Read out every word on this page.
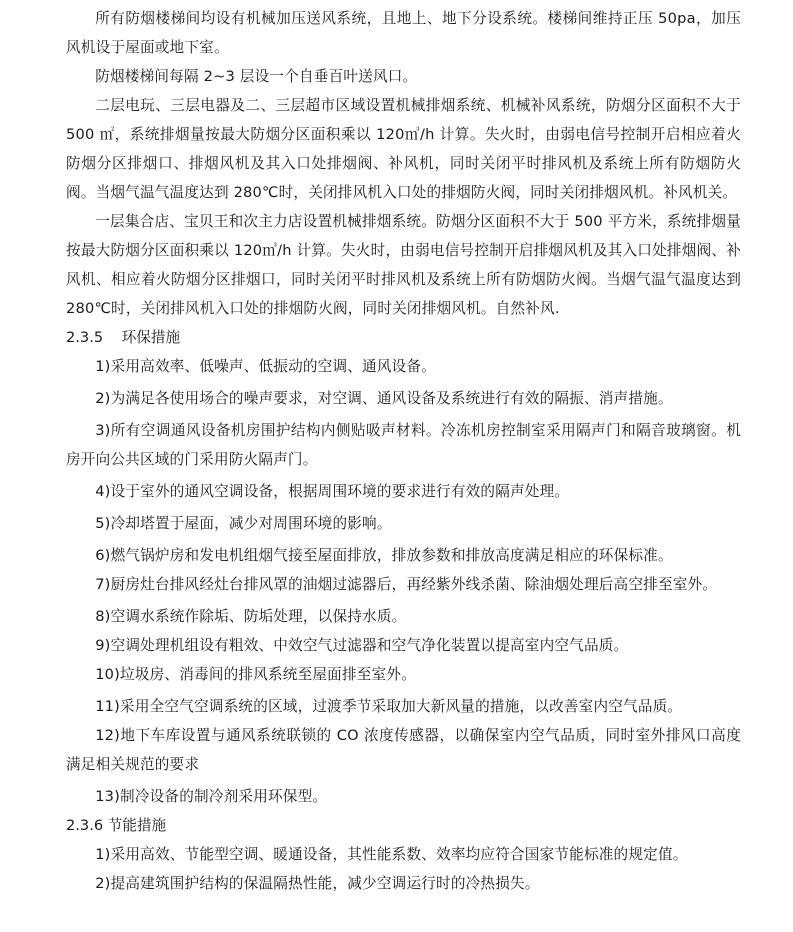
所有防烟楼梯间均设有机械加压送风系统，且地上、地下分设系统。楼梯间维持正压 50pa，加压风机设于屋面或地下室。

防烟楼梯间每隔 2~3 层设一个自垂百叶送风口。

二层电玩、三层电器及二、三层超市区域设置机械排烟系统、机械补风系统，防烟分区面积不大于 500 ㎡，系统排烟量按最大防烟分区面积乘以 120㎥/h 计算。失火时，由弱电信号控制开启相应着火防烟分区排烟口、排烟风机及其入口处排烟阀、补风机，同时关闭平时排风机及系统上所有防烟防火阀。当烟气温气温度达到 280℃时，关闭排风机入口处的排烟防火阀，同时关闭排烟风机。补风机关。

一层集合店、宝贝王和次主力店设置机械排烟系统。防烟分区面积不大于 500 平方米，系统排烟量按最大防烟分区面积乘以 120㎥/h 计算。失火时，由弱电信号控制开启排烟风机及其入口处排烟阀、补风机、相应着火防烟分区排烟口，同时关闭平时排风机及系统上所有防烟防火阀。当烟气温气温度达到 280℃时，关闭排风机入口处的排烟防火阀，同时关闭排烟风机。自然补风.

2.3.5    环保措施

1)采用高效率、低噪声、低振动的空调、通风设备。

2)为满足各使用场合的噪声要求，对空调、通风设备及系统进行有效的隔振、消声措施。

3)所有空调通风设备机房围护结构内侧贴吸声材料。冷冻机房控制室采用隔声门和隔音玻璃窗。机房开向公共区域的门采用防火隔声门。

4)设于室外的通风空调设备，根据周围环境的要求进行有效的隔声处理。

5)冷却塔置于屋面，减少对周围环境的影响。

6)燃气锅炉房和发电机组烟气接至屋面排放，排放参数和排放高度满足相应的环保标准。

7)厨房灶台排风经灶台排风罩的油烟过滤器后，再经紫外线杀菌、除油烟处理后高空排至室外。

8)空调水系统作除垢、防垢处理，以保持水质。

9)空调处理机组设有粗效、中效空气过滤器和空气净化装置以提高室内空气品质。

10)垃圾房、消毒间的排风系统至屋面排至室外。

11)采用全空气空调系统的区域，过渡季节采取加大新风量的措施，以改善室内空气品质。

12)地下车库设置与通风系统联锁的 CO 浓度传感器，以确保室内空气品质，同时室外排风口高度满足相关规范的要求

13)制冷设备的制冷剂采用环保型。

2.3.6 节能措施

1)采用高效、节能型空调、暖通设备，其性能系数、效率均应符合国家节能标准的规定值。

2)提高建筑围护结构的保温隔热性能，减少空调运行时的冷热损失。
